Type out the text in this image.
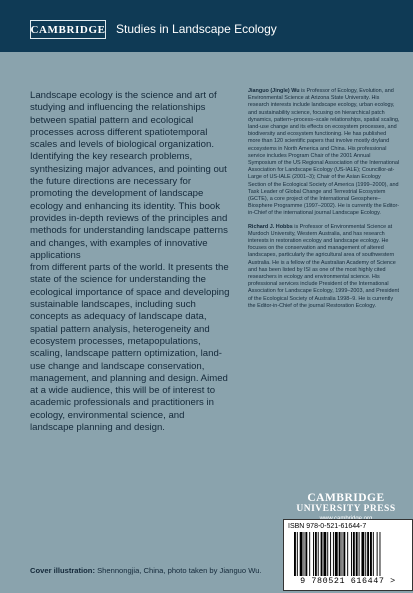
CAMBRIDGE Studies in Landscape Ecology

Landscape ecology is the science and art of studying and influencing the relationships between spatial pattern and ecological processes across different spatiotemporal scales and levels of biological organization. Identifying the key research problems, synthesizing major advances, and pointing out the future directions are necessary for promoting the development of landscape ecology and enhancing its identity. This book provides in-depth reviews of the principles and methods for understanding landscape patterns and changes, with examples of innovative applications

from different parts of the world. It presents the state of the science for understanding the ecological importance of space and developing sustainable landscapes, including such concepts as adequacy of landscape data, spatial pattern analysis, heterogeneity and ecosystem processes, metapopulations, scaling, landscape pattern optimization, land-use change and landscape conservation, management, and planning and design. Aimed at a wide audience, this will be of interest to academic professionals and practitioners in ecology, environmental science, and landscape planning and design.

Jianguo (Jingle) Wu is Professor of Ecology, Evolution, and Environmental Science at Arizona State University. His research interests include landscape ecology, urban ecology, and sustainability science, focusing on hierarchical patch dynamics, pattern–process–scale relationships, spatial scaling, land-use change and its effects on ecosystem processes, and biodiversity and ecosystem functioning. He has published more than 120 scientific papers that involve mostly dryland ecosystems in North America and China. His professional service includes Program Chair of the 2001 Annual Symposium of the US Regional Association of the International Association for Landscape Ecology (US-IALE); Councillor-at-Large of US-IALE (2001–3); Chair of the Asian Ecology Section of the Ecological Society of America (1999–2000), and Task Leader of Global Change and Terrestrial Ecosystem (GCTE), a core project of the International Geosphere–Biosphere Programme (1997–2002). He is currently the Editor-in-Chief of the international journal Landscape Ecology.

Richard J. Hobbs is Professor of Environmental Science at Murdoch University, Western Australia, and has research interests in restoration ecology and landscape ecology. He focuses on the conservation and management of altered landscapes, particularly the agricultural area of southwestern Australia. He is a fellow of the Australian Academy of Science and has been listed by ISI as one of the most highly cited researchers in ecology and environmental science. His professional services include President of the International Association for Landscape Ecology, 1999–2003, and President of the Ecological Society of Australia 1998–9. He is currently the Editor-in-Chief of the journal Restoration Ecology.

CAMBRIDGE
UNIVERSITY PRESS
ISBN 978-0-521-61644-7
9 780521 616447 >
Cover illustration: Shennongjia, China, photo taken by Jianguo Wu.
